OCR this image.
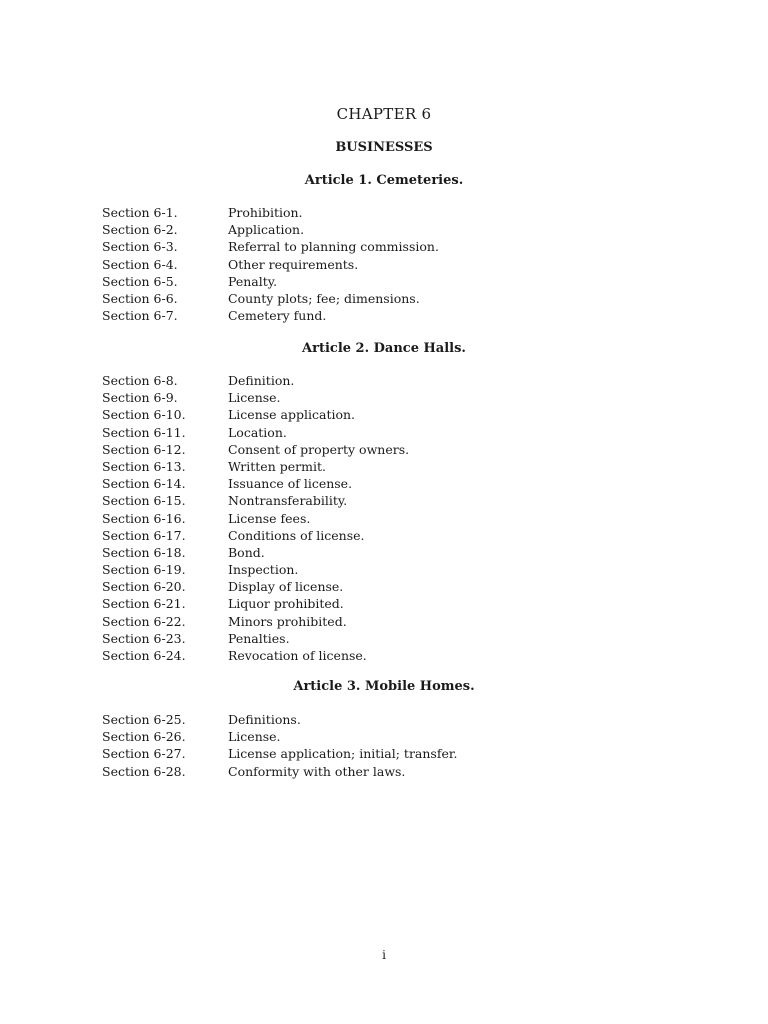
CHAPTER 6
BUSINESSES
Article 1. Cemeteries.
Section 6-1.	Prohibition.
Section 6-2.	Application.
Section 6-3.	Referral to planning commission.
Section 6-4.	Other requirements.
Section 6-5.	Penalty.
Section 6-6.	County plots; fee; dimensions.
Section 6-7.	Cemetery fund.
Article 2. Dance Halls.
Section 6-8.	Definition.
Section 6-9.	License.
Section 6-10.	License application.
Section 6-11.	Location.
Section 6-12.	Consent of property owners.
Section 6-13.	Written permit.
Section 6-14.	Issuance of license.
Section 6-15.	Nontransferability.
Section 6-16.	License fees.
Section 6-17.	Conditions of license.
Section 6-18.	Bond.
Section 6-19.	Inspection.
Section 6-20.	Display of license.
Section 6-21.	Liquor prohibited.
Section 6-22.	Minors prohibited.
Section 6-23.	Penalties.
Section 6-24.	Revocation of license.
Article 3. Mobile Homes.
Section 6-25.	Definitions.
Section 6-26.	License.
Section 6-27.	License application; initial; transfer.
Section 6-28.	Conformity with other laws.
i
